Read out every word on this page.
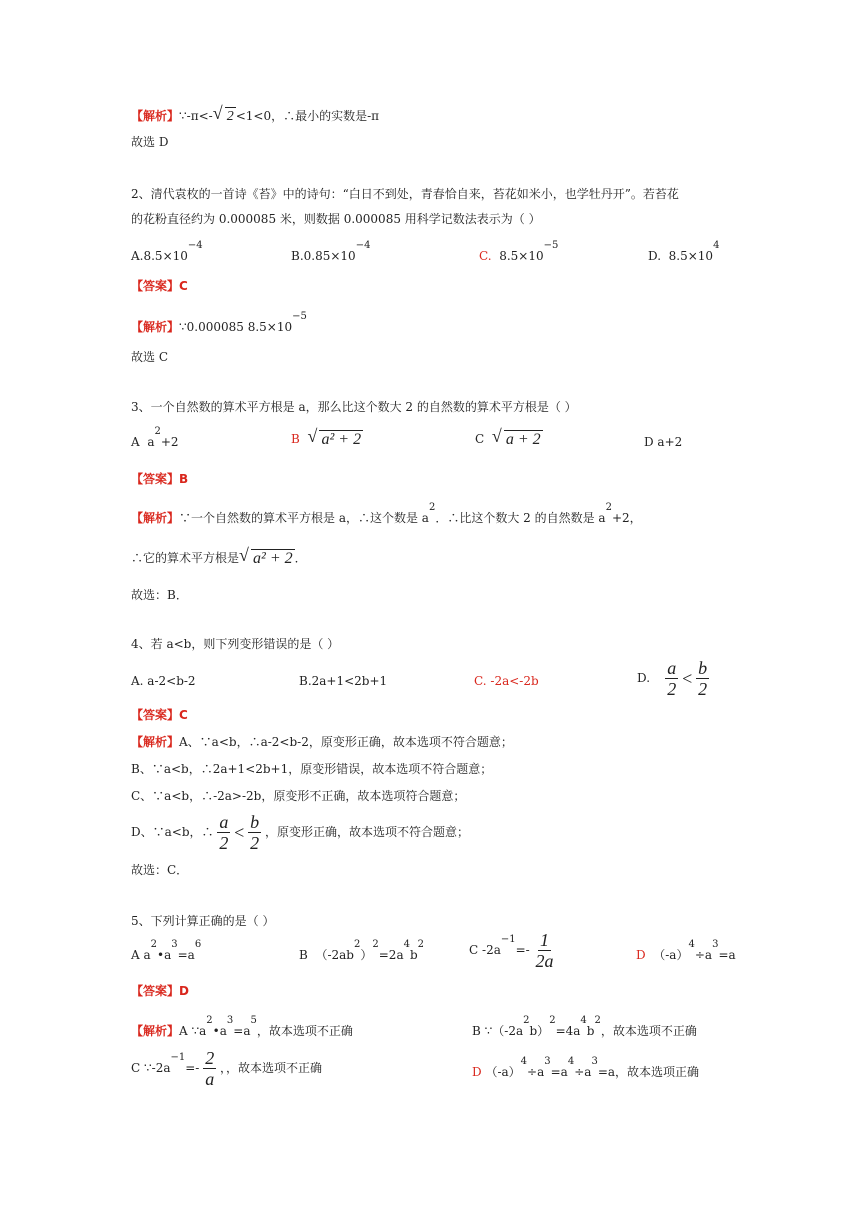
【解析】∵-π<- √ 2 <1<0，∴最小的实数是-π
故选 D
2、清代袁枚的一首诗《苔》中的诗句：“白日不到处，青春恰自来，苔花如米小，也学牡丹开”。若苔花
的花粉直径约为 0.000085 米，则数据 0.000085 用科学记数法表示为（ ）
$A.8.5\times 10^{-4}$
$B.0.85\times 10^{-4}$
C. $8.5\times 10^{-5}$
D. $8.5\times 10^4$
【答案】C
【解析】∵0.000085 $8.5\times 10^{-5}$
故选 C
3、一个自然数的算术平方根是 a，那么比这个数大 2 的自然数的算术平方根是（ ）
A $a^2+2$	B √ a² + 2	C √ a + 2	D a+2
【答案】B
【解析】∵一个自然数的算术平方根是 a，∴这个数是 $a^2$．∴比这个数大 2 的自然数是 $a^2+2$，
∴它的算术平方根是 √ a² + 2 ．
故选：B．
4、若 a<b，则下列变形错误的是（ ）
A. a-2<b-2	B.2a+1<2b+1	C. -2a<-2b	D. $\frac{a}{2} < \frac{b}{2}$
【答案】C
【解析】A、∵a<b，∴a-2<b-2，原变形正确，故本选项不符合题意；
B、∵a<b，∴2a+1<2b+1，原变形错误，故本选项不符合题意；
C、∵a<b，∴-2a>-2b，原变形不正确，故本选项符合题意；
D、∵a<b，∴ $\frac{a}{2} < \frac{b}{2}$ ，原变形正确，故本选项不符合题意；
故选：C．
5、下列计算正确的是（ ）
A $a^2•a^3=a^6$
B  $(-2ab^2)^2=2a^4b^2$	C $-2a^{-1}=- \frac{1}{2a}$	D  $(-a)^4\div a^3=a$
【答案】D
【解析】A $\because a^2•a^3=a^5$，故本选项不正确	B $\because(-2a^2b)^2=4a^4b^2$，故本选项不正确
C $\because-2a^{-1}=- \frac{2}{a}$ ，，故本选项不正确	D $(-a)^4\div a^3=a^4\div a^3=a$，故本选项正确
